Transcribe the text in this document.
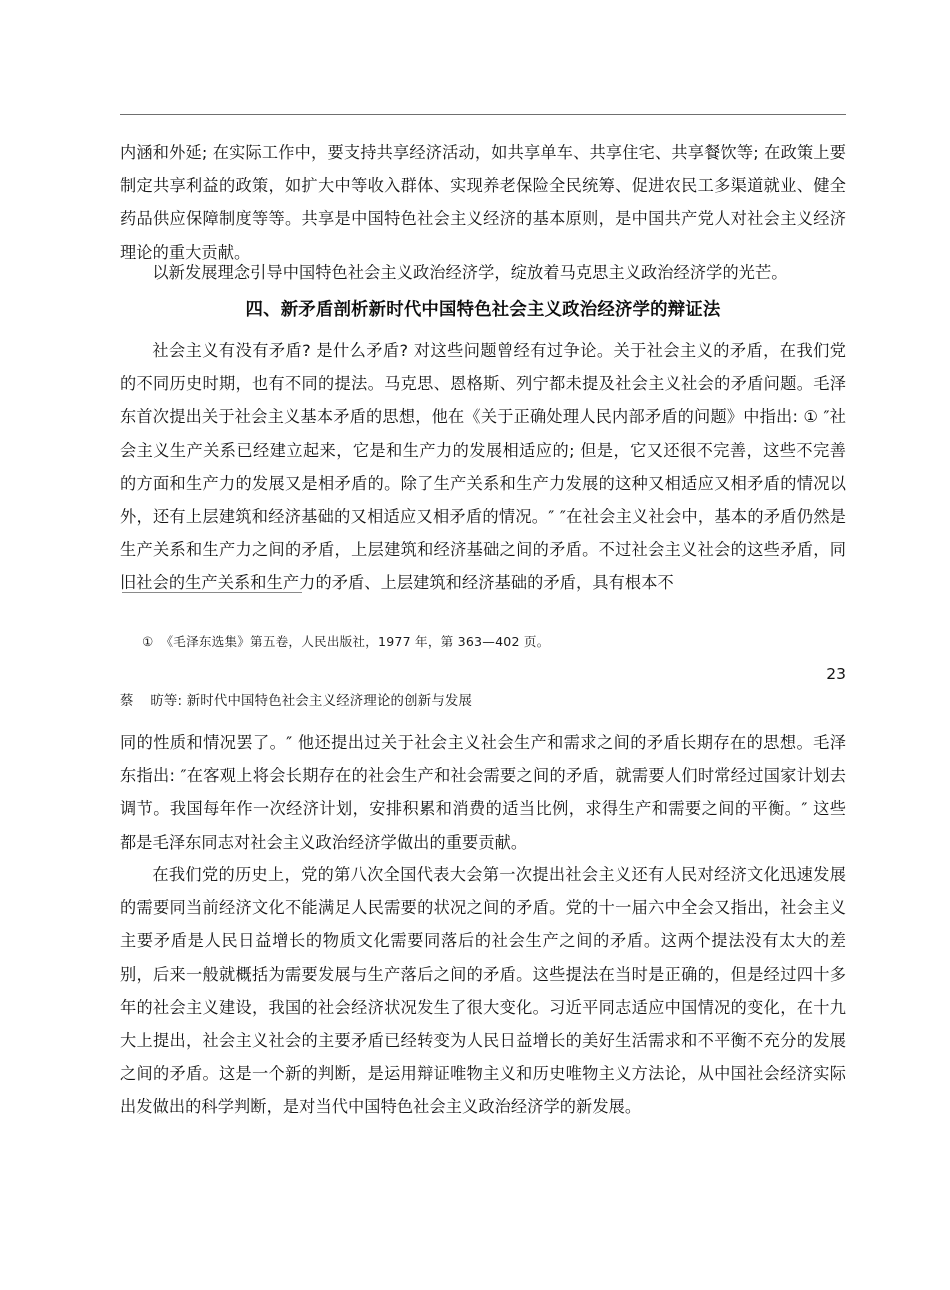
内涵和外延; 在实际工作中，要支持共享经济活动，如共享单车、共享住宅、共享餐饮等; 在政策上要制定共享利益的政策，如扩大中等收入群体、实现养老保险全民统筹、促进农民工多渠道就业、健全药品供应保障制度等等。共享是中国特色社会主义经济的基本原则，是中国共产党人对社会主义经济理论的重大贡献。

以新发展理念引导中国特色社会主义政治经济学，绽放着马克思主义政治经济学的光芒。

四、新矛盾剖析新时代中国特色社会主义政治经济学的辩证法

社会主义有没有矛盾? 是什么矛盾? 对这些问题曾经有过争论。关于社会主义的矛盾，在我们党的不同历史时期，也有不同的提法。马克思、恩格斯、列宁都未提及社会主义社会的矛盾问题。毛泽东首次提出关于社会主义基本矛盾的思想，他在《关于正确处理人民内部矛盾的问题》中指出: ① ″社会主义生产关系已经建立起来，它是和生产力的发展相适应的; 但是，它又还很不完善，这些不完善的方面和生产力的发展又是相矛盾的。除了生产关系和生产力发展的这种又相适应又相矛盾的情况以外，还有上层建筑和经济基础的又相适应又相矛盾的情况。″ ″在社会主义社会中，基本的矛盾仍然是生产关系和生产力之间的矛盾，上层建筑和经济基础之间的矛盾。不过社会主义社会的这些矛盾，同旧社会的生产关系和生产力的矛盾、上层建筑和经济基础的矛盾，具有根本不

① 《毛泽东选集》第五卷，人民出版社，1977 年，第 363—402 页。
23
蔡 昉等: 新时代中国特色社会主义经济理论的创新与发展

同的性质和情况罢了。″ 他还提出过关于社会主义社会生产和需求之间的矛盾长期存在的思想。毛泽东指出: ″在客观上将会长期存在的社会生产和社会需要之间的矛盾，就需要人们时常经过国家计划去调节。我国每年作一次经济计划，安排积累和消费的适当比例，求得生产和需要之间的平衡。″ 这些都是毛泽东同志对社会主义政治经济学做出的重要贡献。

在我们党的历史上，党的第八次全国代表大会第一次提出社会主义还有人民对经济文化迅速发展的需要同当前经济文化不能满足人民需要的状况之间的矛盾。党的十一届六中全会又指出，社会主义主要矛盾是人民日益增长的物质文化需要同落后的社会生产之间的矛盾。这两个提法没有太大的差别，后来一般就概括为需要发展与生产落后之间的矛盾。这些提法在当时是正确的，但是经过四十多年的社会主义建设，我国的社会经济状况发生了很大变化。习近平同志适应中国情况的变化，在十九大上提出，社会主义社会的主要矛盾已经转变为人民日益增长的美好生活需求和不平衡不充分的发展之间的矛盾。这是一个新的判断，是运用辩证唯物主义和历史唯物主义方法论，从中国社会经济实际出发做出的科学判断，是对当代中国特色社会主义政治经济学的新发展。
